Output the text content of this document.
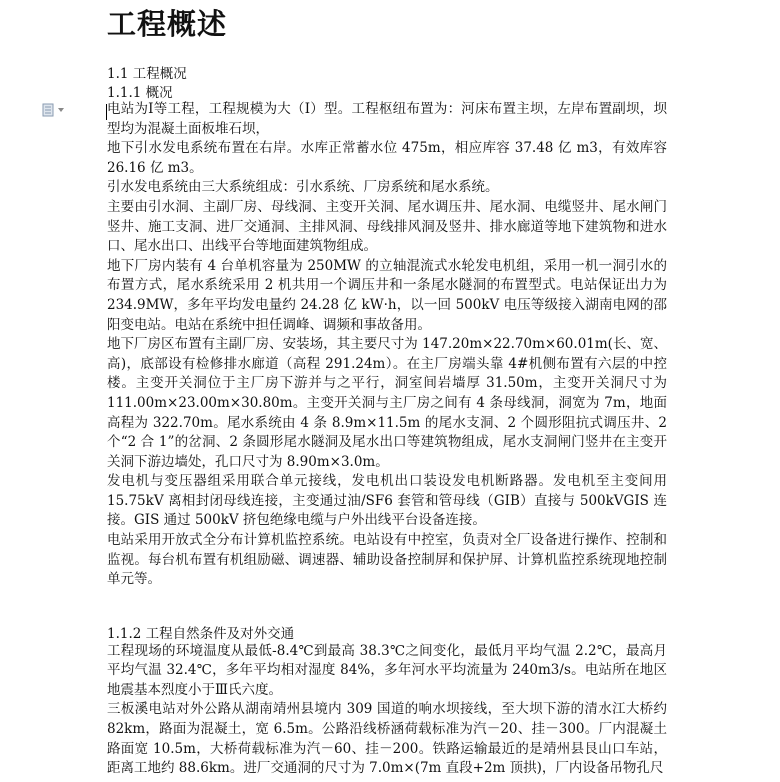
工程概述
1.1 工程概况
1.1.1 概况

电站为Ⅰ等工程，工程规模为大（Ⅰ）型。工程枢纽布置为：河床布置主坝，左岸布置副坝，坝型均为混凝土面板堆石坝，

地下引水发电系统布置在右岸。水库正常蓄水位 475m，相应库容 37.48 亿 m3，有效库容 26.16 亿 m3。

引水发电系统由三大系统组成：引水系统、厂房系统和尾水系统。

主要由引水洞、主副厂房、母线洞、主变开关洞、尾水调压井、尾水洞、电缆竖井、尾水闸门竖井、施工支洞、进厂交通洞、主排风洞、母线排风洞及竖井、排水廊道等地下建筑物和进水口、尾水出口、出线平台等地面建筑物组成。

地下厂房内装有 4 台单机容量为 250MW 的立轴混流式水轮发电机组，采用一机一洞引水的布置方式，尾水系统采用 2 机共用一个调压井和一条尾水隧洞的布置型式。电站保证出力为 234.9MW，多年平均发电量约 24.28 亿 kW·h，以一回 500kV 电压等级接入湖南电网的邵阳变电站。电站在系统中担任调峰、调频和事故备用。

地下厂房区布置有主副厂房、安装场，其主要尺寸为 147.20m×22.70m×60.01m(长、宽、高)，底部设有检修排水廊道（高程 291.24m）。在主厂房端头靠 4#机侧布置有六层的中控楼。主变开关洞位于主厂房下游并与之平行，洞室间岩墙厚 31.50m，主变开关洞尺寸为 111.00m×23.00m×30.80m。主变开关洞与主厂房之间有 4 条母线洞，洞宽为 7m，地面高程为 322.70m。尾水系统由 4 条 8.9m×11.5m 的尾水支洞、2 个圆形阻抗式调压井、2 个“2 合 1”的岔洞、2 条圆形尾水隧洞及尾水出口等建筑物组成，尾水支洞闸门竖井在主变开关洞下游边墙处，孔口尺寸为 8.90m×3.0m。

发电机与变压器组采用联合单元接线，发电机出口装设发电机断路器。发电机至主变间用 15.75kV 离相封闭母线连接，主变通过油/SF6 套管和管母线（GIB）直接与 500kVGIS 连接。GIS 通过 500kV 挤包绝缘电缆与户外出线平台设备连接。

电站采用开放式全分布计算机监控系统。电站设有中控室，负责对全厂设备进行操作、控制和监视。每台机布置有机组励磁、调速器、辅助设备控制屏和保护屏、计算机监控系统现地控制单元等。

1.1.2 工程自然条件及对外交通

工程现场的环境温度从最低-8.4℃到最高 38.3℃之间变化，最低月平均气温 2.2℃，最高月平均气温 32.4℃，多年平均相对湿度 84%，多年河水平均流量为 240m3/s。电站所在地区地震基本烈度小于Ⅲ氏六度。

三板溪电站对外公路从湖南靖州县境内 309 国道的响水坝接线，至大坝下游的清水江大桥约 82km，路面为混凝土，宽 6.5m。公路沿线桥涵荷载标准为汽－20、挂－300。厂内混凝土路面宽 10.5m，大桥荷载标准为汽－60、挂－200。铁路运输最近的是靖州县艮山口车站，距离工地约 88.6km。进厂交通洞的尺寸为 7.0m×(7m 直段+2m 顶拱)，厂内设备吊物孔尺
